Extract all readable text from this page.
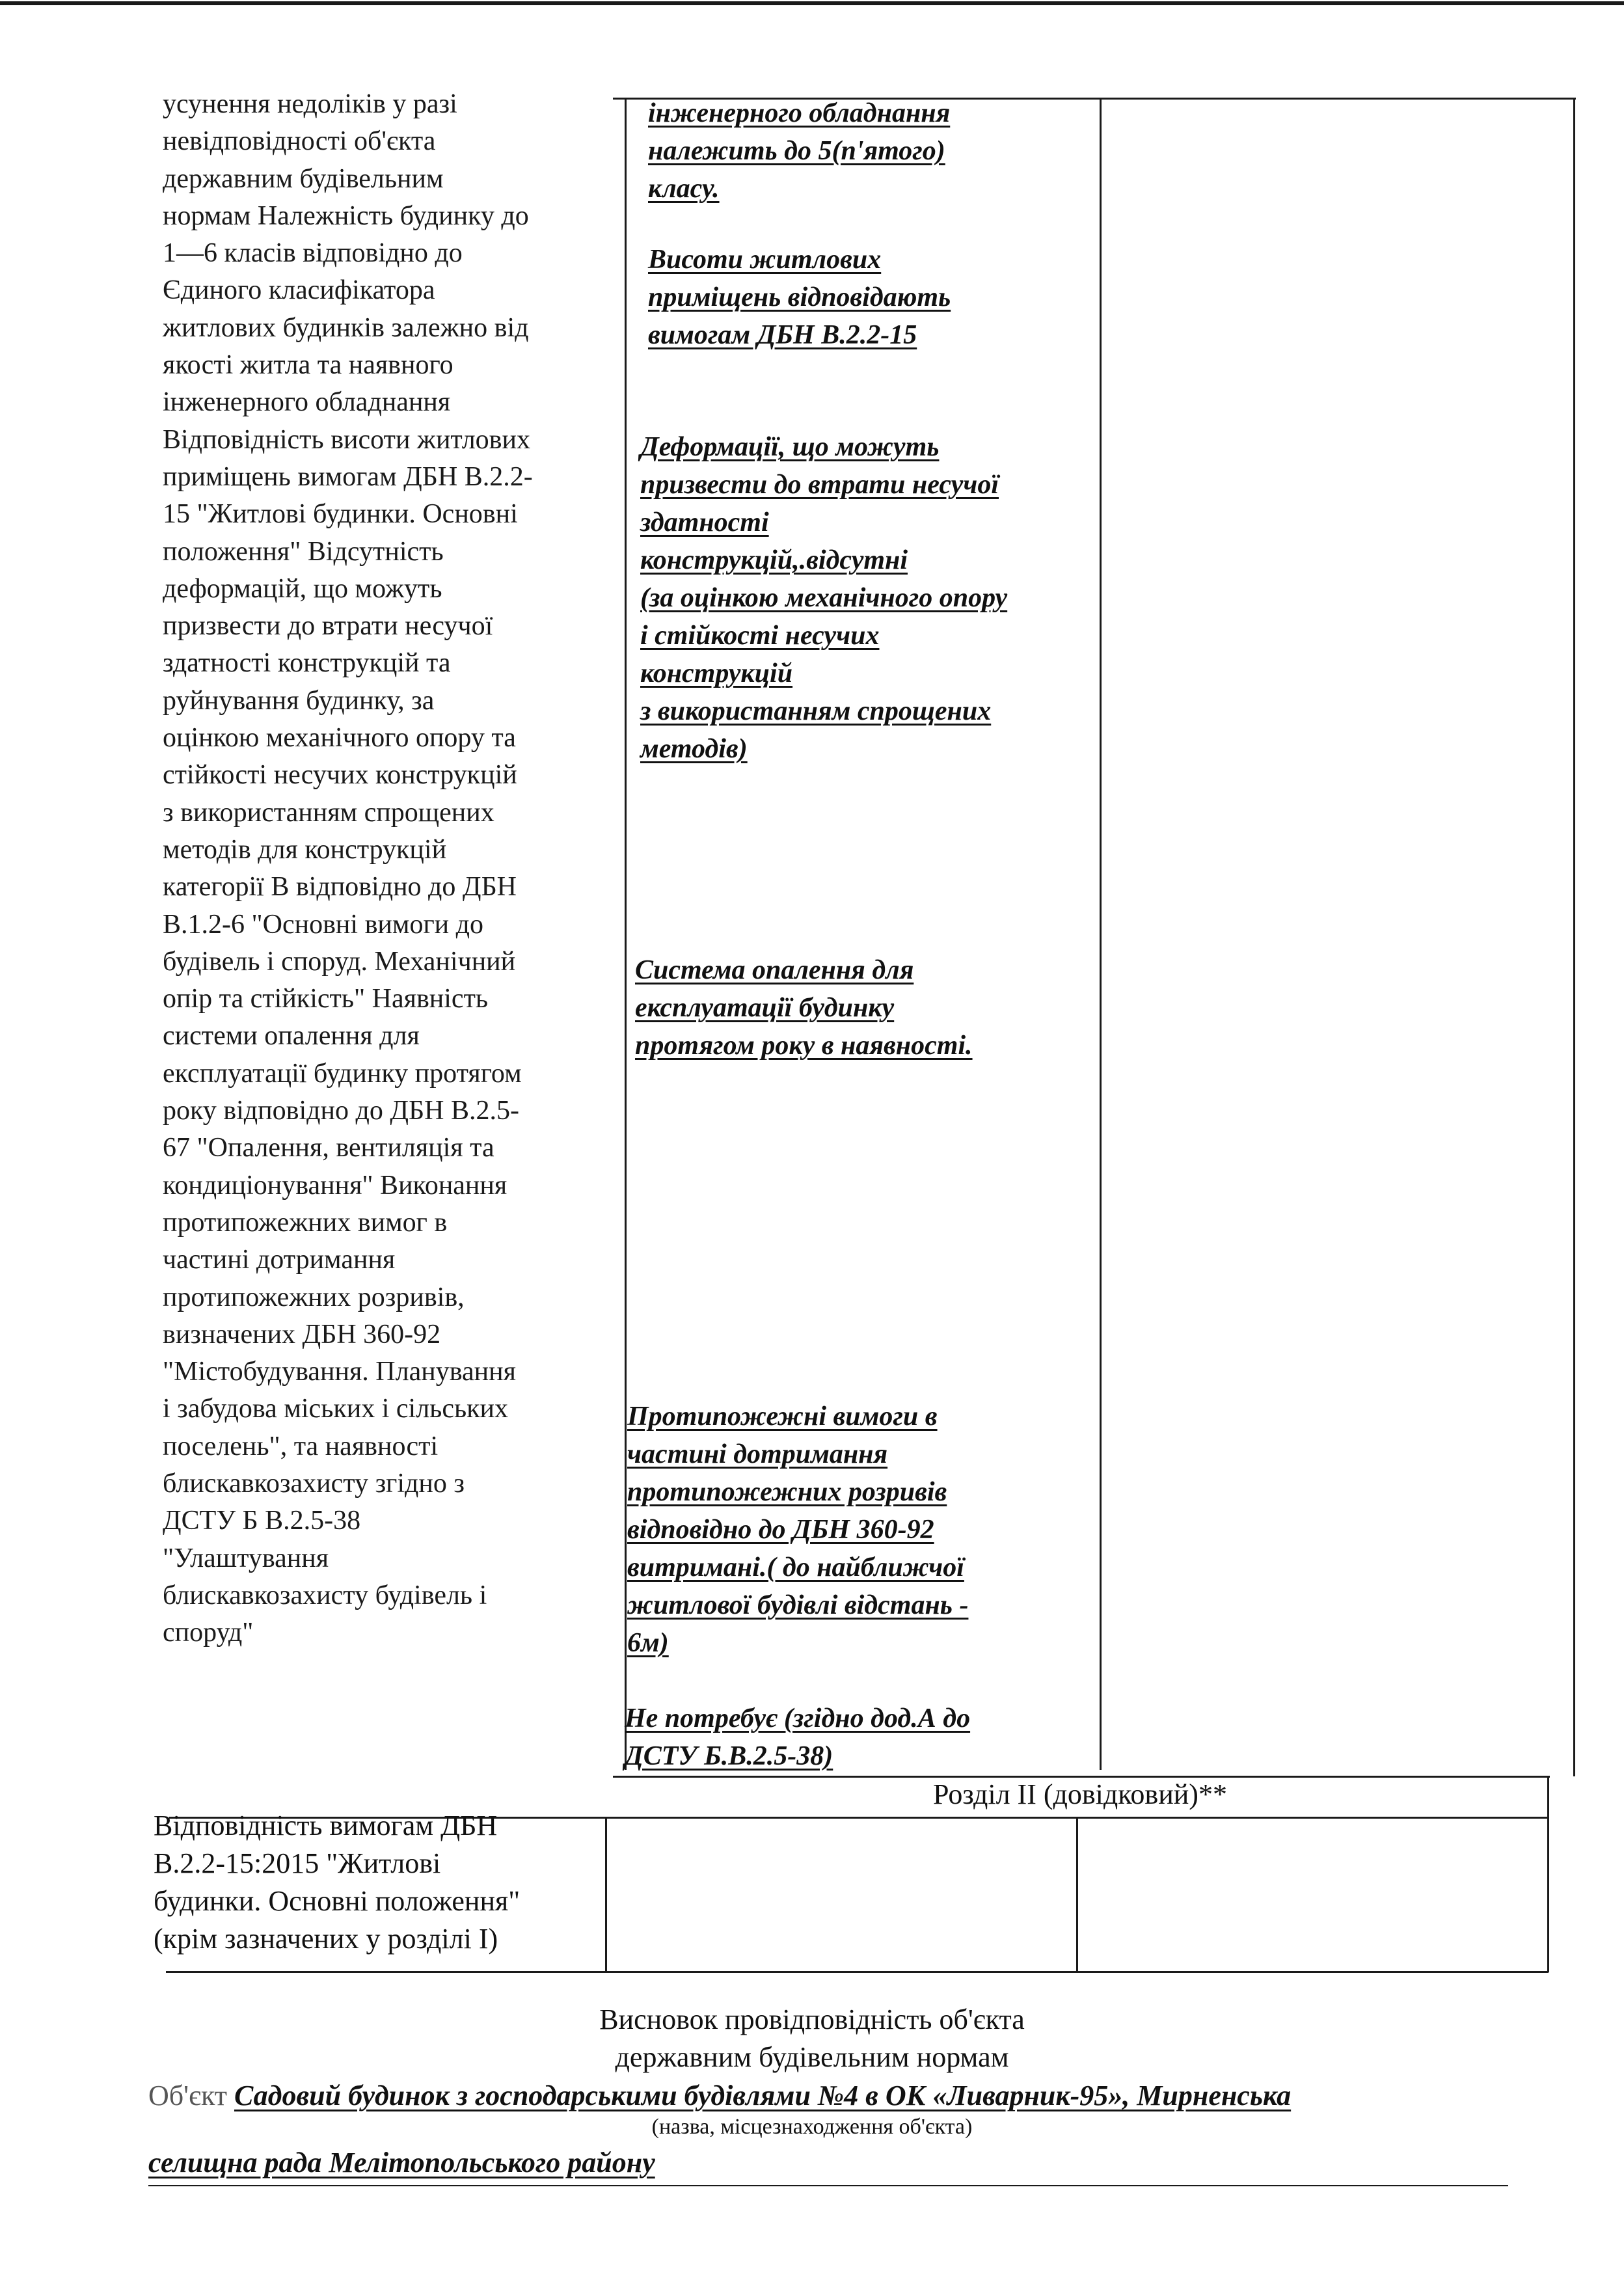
усунення недоліків у разі
невідповідності об'єкта
державним будівельним
нормам Належність будинку до
1—6 класів відповідно до
Єдиного класифікатора
житлових будинків залежно від
якості житла та наявного
інженерного обладнання
Відповідність висоти житлових
приміщень вимогам ДБН В.2.2-
15 "Житлові будинки. Основні
положення" Відсутність
деформацій, що можуть
призвести до втрати несучої
здатності конструкцій та
руйнування будинку, за
оцінкою механічного опору та
стійкості несучих конструкцій
з використанням спрощених
методів для конструкцій
категорії В відповідно до ДБН
В.1.2-6 "Основні вимоги до
будівель і споруд. Механічний
опір та стійкість" Наявність
системи опалення для
експлуатації будинку протягом
року відповідно до ДБН В.2.5-
67 "Опалення, вентиляція та
кондиціонування" Виконання
протипожежних вимог в
частині дотримання
протипожежних розривів,
визначених ДБН 360-92
"Містобудування. Планування
і забудова міських і сільських
поселень", та наявності
блискавкозахисту згідно з
ДСТУ Б В.2.5-38
"Улаштування
блискавкозахисту будівель і
споруд"
інженерного обладнання
належить до 5(п'ятого)
класу.
Висоти житлових
приміщень відповідають
вимогам ДБН В.2.2-15
Деформації, що можуть
призвести до втрати несучої
здатності
конструкцій,.відсутні
(за оцінкою механічного опору
і стійкості несучих
конструкцій
з використанням спрощених
методів)
Система опалення для
експлуатації будинку
протягом року в наявності.
Протипожежні вимоги в
частині дотримання
протипожежних розривів
відповідно до ДБН 360-92
витримані.( до найближчої
житлової будівлі відстань -
6м)
Не потребує (згідно дод.А до
ДСТУ Б.В.2.5-38)
Розділ II (довідковий)**
Відповідність вимогам ДБН
В.2.2-15:2015 "Житлові
будинки. Основні положення"
(крім зазначених у розділі I)
Висновок провідповідність об'єкта
державним будівельним нормам
Об'єкт Садовий будинок з господарськими будівлями №4 в ОК «Ливарник-95», Мирненська
(назва, місцезнаходження об'єкта)
селищна рада Мелітопольського району
